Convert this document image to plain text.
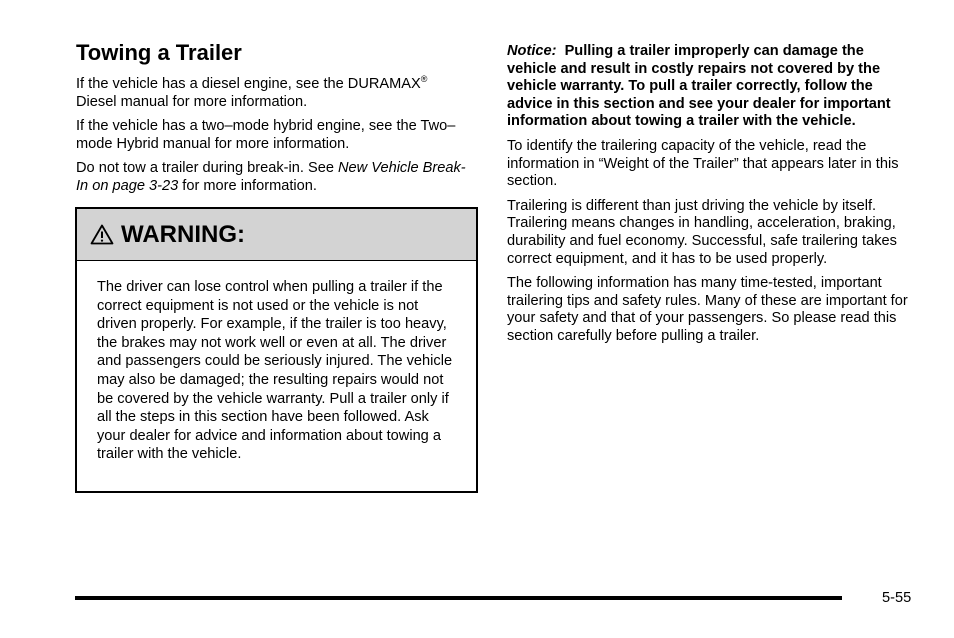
Towing a Trailer

If the vehicle has a diesel engine, see the DURAMAX®
Diesel manual for more information.

If the vehicle has a two–mode hybrid engine, see the Two–mode Hybrid manual for more information.

Do not tow a trailer during break-in. See New Vehicle Break-In on page 3-23 for more information.

WARNING:

The driver can lose control when pulling a trailer if the correct equipment is not used or the vehicle is not driven properly. For example, if the trailer is too heavy, the brakes may not work well or even at all. The driver and passengers could be seriously injured. The vehicle may also be damaged; the resulting repairs would not be covered by the vehicle warranty. Pull a trailer only if all the steps in this section have been followed. Ask your dealer for advice and information about towing a trailer with the vehicle.

Notice: Pulling a trailer improperly can damage the vehicle and result in costly repairs not covered by the vehicle warranty. To pull a trailer correctly, follow the advice in this section and see your dealer for important information about towing a trailer with the vehicle.

To identify the trailering capacity of the vehicle, read the information in “Weight of the Trailer” that appears later in this section.

Trailering is different than just driving the vehicle by itself. Trailering means changes in handling, acceleration, braking, durability and fuel economy. Successful, safe trailering takes correct equipment, and it has to be used properly.

The following information has many time-tested, important trailering tips and safety rules. Many of these are important for your safety and that of your passengers. So please read this section carefully before pulling a trailer.

5-55
